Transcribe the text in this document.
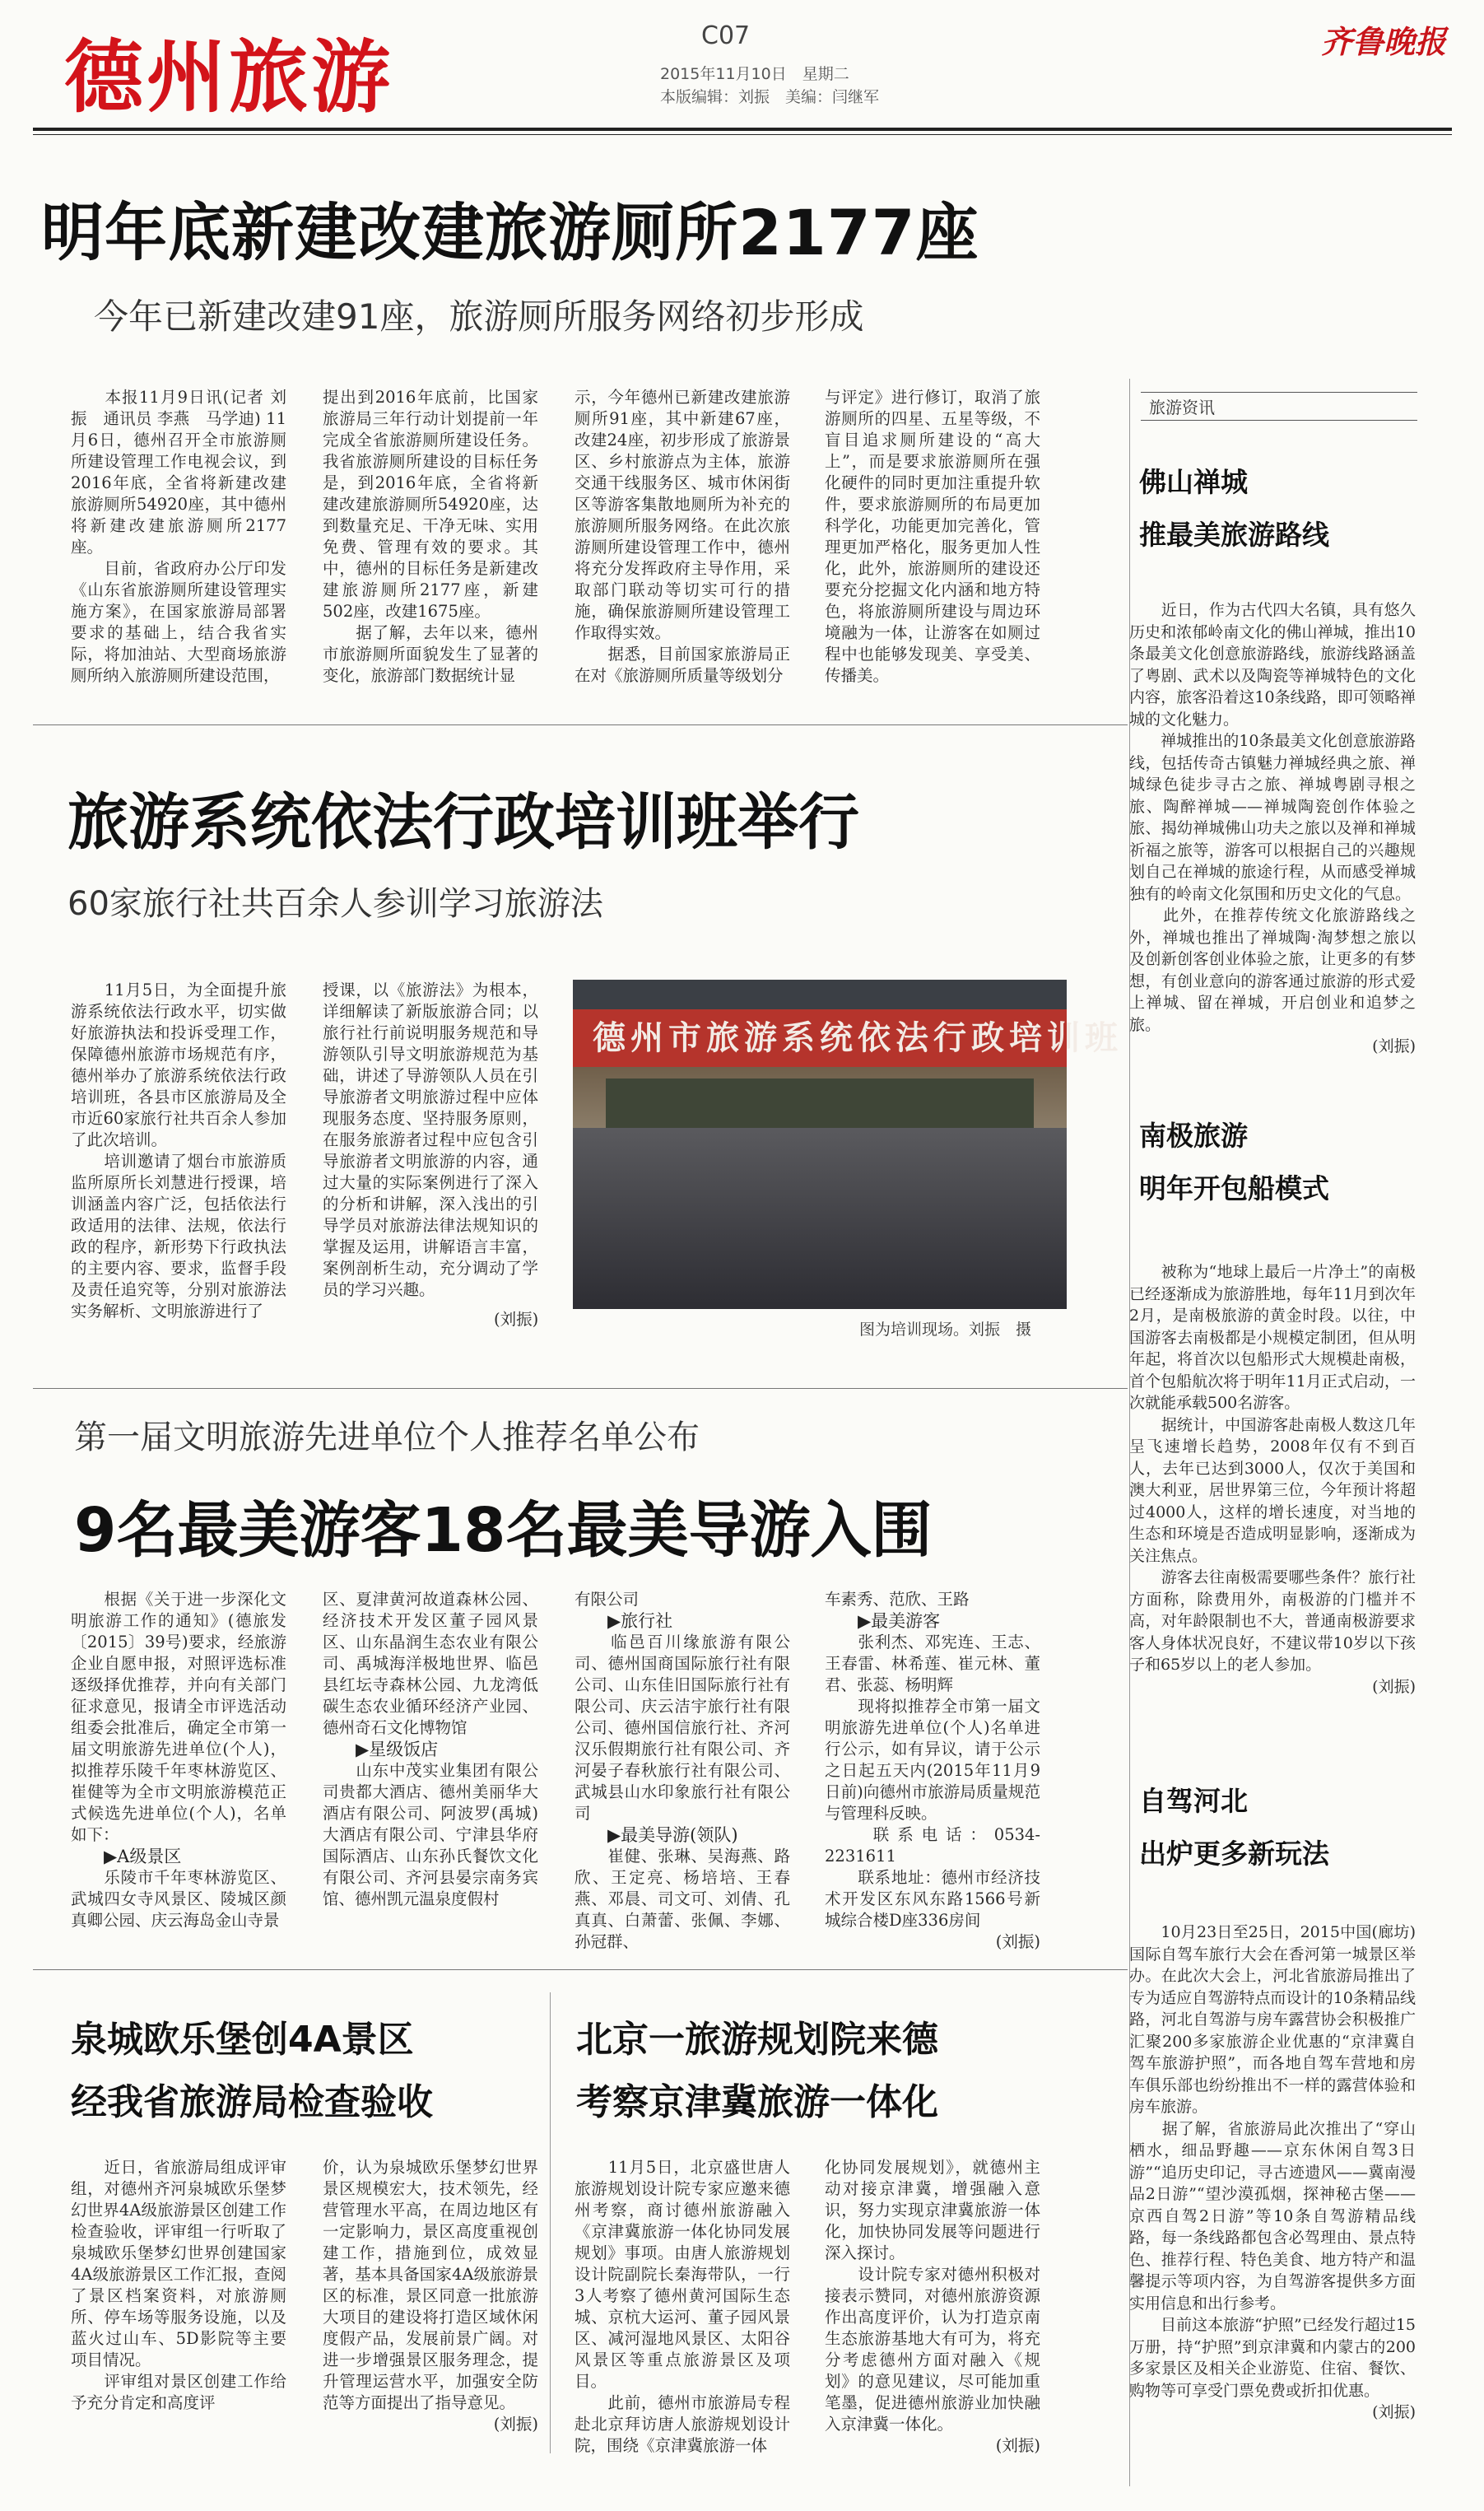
德州旅游	C07
2015年11月10日　星期二
本版编辑：刘振　美编：闫继军
齐鲁晚报
明年底新建改建旅游厕所2177座
今年已新建改建91座，旅游厕所服务网络初步形成
　　本报11月9日讯(记者 刘振　通讯员 李燕　马学迪) 11月6日，德州召开全市旅游厕所建设管理工作电视会议，到2016年底，全省将新建改建旅游厕所54920座，其中德州将新建改建旅游厕所2177座。
　　目前，省政府办公厅印发《山东省旅游厕所建设管理实施方案》，在国家旅游局部署要求的基础上，结合我省实际，将加油站、大型商场旅游厕所纳入旅游厕所建设范围，
提出到2016年底前，比国家旅游局三年行动计划提前一年完成全省旅游厕所建设任务。我省旅游厕所建设的目标任务是，到2016年底，全省将新建改建旅游厕所54920座，达到数量充足、干净无味、实用免费、管理有效的要求。其中，德州的目标任务是新建改建旅游厕所2177座，新建502座，改建1675座。
　　据了解，去年以来，德州市旅游厕所面貌发生了显著的变化，旅游部门数据统计显
示，今年德州已新建改建旅游厕所91座，其中新建67座，改建24座，初步形成了旅游景区、乡村旅游点为主体，旅游交通干线服务区、城市休闲街区等游客集散地厕所为补充的旅游厕所服务网络。在此次旅游厕所建设管理工作中，德州将充分发挥政府主导作用，采取部门联动等切实可行的措施，确保旅游厕所建设管理工作取得实效。
　　据悉，目前国家旅游局正在对《旅游厕所质量等级划分
与评定》进行修订，取消了旅游厕所的四星、五星等级，不盲目追求厕所建设的“高大上”，而是要求旅游厕所在强化硬件的同时更加注重提升软件，要求旅游厕所的布局更加科学化，功能更加完善化，管理更加严格化，服务更加人性化，此外，旅游厕所的建设还要充分挖掘文化内涵和地方特色，将旅游厕所建设与周边环境融为一体，让游客在如厕过程中也能够发现美、享受美、传播美。
旅游系统依法行政培训班举行
60家旅行社共百余人参训学习旅游法
　　11月5日，为全面提升旅游系统依法行政水平，切实做好旅游执法和投诉受理工作，保障德州旅游市场规范有序，德州举办了旅游系统依法行政培训班，各县市区旅游局及全市近60家旅行社共百余人参加了此次培训。
　　培训邀请了烟台市旅游质监所原所长刘慧进行授课，培训涵盖内容广泛，包括依法行政适用的法律、法规，依法行政的程序，新形势下行政执法的主要内容、要求，监督手段及责任追究等，分别对旅游法实务解析、文明旅游进行了
授课，以《旅游法》为根本，详细解读了新版旅游合同；以旅行社行前说明服务规范和导游领队引导文明旅游规范为基础，讲述了导游领队人员在引导旅游者文明旅游过程中应体现服务态度、坚持服务原则，在服务旅游者过程中应包含引导旅游者文明旅游的内容，通过大量的实际案例进行了深入的分析和讲解，深入浅出的引导学员对旅游法律法规知识的掌握及运用，讲解语言丰富，案例剖析生动，充分调动了学员的学习兴趣。
(刘振)
德州市旅游系统依法行政培训班
图为培训现场。刘振　摄
第一届文明旅游先进单位个人推荐名单公布
9名最美游客18名最美导游入围
　　根据《关于进一步深化文明旅游工作的通知》(德旅发〔2015〕39号)要求，经旅游企业自愿申报，对照评选标准逐级择优推荐，并向有关部门征求意见，报请全市评选活动组委会批准后，确定全市第一届文明旅游先进单位(个人)，拟推荐乐陵千年枣林游览区、崔健等为全市文明旅游模范正式候选先进单位(个人)，名单如下：
▶A级景区
　　乐陵市千年枣林游览区、武城四女寺风景区、陵城区颜真卿公园、庆云海岛金山寺景
区、夏津黄河故道森林公园、经济技术开发区董子园风景区、山东晶润生态农业有限公司、禹城海洋极地世界、临邑县红坛寺森林公园、九龙湾低碳生态农业循环经济产业园、德州奇石文化博物馆
▶星级饭店
　　山东中茂实业集团有限公司贵都大酒店、德州美丽华大酒店有限公司、阿波罗(禹城)大酒店有限公司、宁津县华府国际酒店、山东孙氏餐饮文化有限公司、齐河县晏宗南务宾馆、德州凯元温泉度假村
有限公司
▶旅行社
　　临邑百川缘旅游有限公司、德州国商国际旅行社有限公司、山东佳旧国际旅行社有限公司、庆云洁宇旅行社有限公司、德州国信旅行社、齐河汉乐假期旅行社有限公司、齐河晏子春秋旅行社有限公司、武城县山水印象旅行社有限公司
▶最美导游(领队)
　　崔健、张琳、吴海燕、路欣、王定亮、杨培培、王春燕、邓晨、司文可、刘倩、孔真真、白萧蕾、张佩、李娜、孙冠群、
车素秀、范欣、王路
▶最美游客
　　张利杰、邓宪连、王志、王春雷、林希莲、崔元林、董君、张蕊、杨明辉
　　现将拟推荐全市第一届文明旅游先进单位(个人)名单进行公示，如有异议，请于公示之日起五天内(2015年11月9日前)向德州市旅游局质量规范与管理科反映。
　　联系电话：0534-2231611
　　联系地址：德州市经济技术开发区东风东路1566号新城综合楼D座336房间
(刘振)
泉城欧乐堡创4A景区
经我省旅游局检查验收
　　近日，省旅游局组成评审组，对德州齐河泉城欧乐堡梦幻世界4A级旅游景区创建工作检查验收，评审组一行听取了泉城欧乐堡梦幻世界创建国家4A级旅游景区工作汇报，查阅了景区档案资料，对旅游厕所、停车场等服务设施，以及蓝火过山车、5D影院等主要项目情况。
　　评审组对景区创建工作给予充分肯定和高度评
价，认为泉城欧乐堡梦幻世界景区规模宏大，技术领先，经营管理水平高，在周边地区有一定影响力，景区高度重视创建工作，措施到位，成效显著，基本具备国家4A级旅游景区的标准，景区同意一批旅游大项目的建设将打造区域休闲度假产品，发展前景广阔。对进一步增强景区服务理念，提升管理运营水平，加强安全防范等方面提出了指导意见。
(刘振)
北京一旅游规划院来德
考察京津冀旅游一体化
　　11月5日，北京盛世唐人旅游规划设计院专家应邀来德州考察，商讨德州旅游融入《京津冀旅游一体化协同发展规划》事项。由唐人旅游规划设计院副院长秦海带队，一行3人考察了德州黄河国际生态城、京杭大运河、董子园风景区、减河湿地风景区、太阳谷风景区等重点旅游景区及项目。
　　此前，德州市旅游局专程赴北京拜访唐人旅游规划设计院，围绕《京津冀旅游一体
化协同发展规划》，就德州主动对接京津冀，增强融入意识，努力实现京津冀旅游一体化，加快协同发展等问题进行深入探讨。
　　设计院专家对德州积极对接表示赞同，对德州旅游资源作出高度评价，认为打造京南生态旅游基地大有可为，将充分考虑德州方面对融入《规划》的意见建议，尽可能加重笔墨，促进德州旅游业加快融入京津冀一体化。
(刘振)
旅游资讯
佛山禅城
推最美旅游路线
　　近日，作为古代四大名镇，具有悠久历史和浓郁岭南文化的佛山禅城，推出10条最美文化创意旅游路线，旅游线路涵盖了粤剧、武术以及陶瓷等禅城特色的文化内容，旅客沿着这10条线路，即可领略禅城的文化魅力。
　　禅城推出的10条最美文化创意旅游路线，包括传奇古镇魅力禅城经典之旅、禅城绿色徒步寻古之旅、禅城粤剧寻根之旅、陶醉禅城——禅城陶瓷创作体验之旅、揭幼禅城佛山功夫之旅以及禅和禅城祈福之旅等，游客可以根据自己的兴趣规划自己在禅城的旅途行程，从而感受禅城独有的岭南文化氛围和历史文化的气息。
　　此外，在推荐传统文化旅游路线之外，禅城也推出了禅城陶·淘梦想之旅以及创新创客创业体验之旅，让更多的有梦想，有创业意向的游客通过旅游的形式爱上禅城、留在禅城，开启创业和追梦之旅。
(刘振)
南极旅游
明年开包船模式
　　被称为“地球上最后一片净土”的南极已经逐渐成为旅游胜地，每年11月到次年2月，是南极旅游的黄金时段。以往，中国游客去南极都是小规模定制团，但从明年起，将首次以包船形式大规模赴南极，首个包船航次将于明年11月正式启动，一次就能承载500名游客。
　　据统计，中国游客赴南极人数这几年呈飞速增长趋势，2008年仅有不到百人，去年已达到3000人，仅次于美国和澳大利亚，居世界第三位，今年预计将超过4000人，这样的增长速度，对当地的生态和环境是否造成明显影响，逐渐成为关注焦点。
　　游客去往南极需要哪些条件？旅行社方面称，除费用外，南极游的门槛并不高，对年龄限制也不大，普通南极游要求客人身体状况良好，不建议带10岁以下孩子和65岁以上的老人参加。
(刘振)
自驾河北
出炉更多新玩法
　　10月23日至25日，2015中国(廊坊)国际自驾车旅行大会在香河第一城景区举办。在此次大会上，河北省旅游局推出了专为适应自驾游特点而设计的10条精品线路，河北自驾游与房车露营协会积极推广汇聚200多家旅游企业优惠的“京津冀自驾车旅游护照”，而各地自驾车营地和房车俱乐部也纷纷推出不一样的露营体验和房车旅游。
　　据了解，省旅游局此次推出了“穿山栖水，细品野趣——京东休闲自驾3日游”“追历史印记，寻古迹遗风——冀南漫品2日游”“望沙漠孤烟，探神秘古堡——京西自驾2日游”等10条自驾游精品线路，每一条线路都包含必驾理由、景点特色、推荐行程、特色美食、地方特产和温馨提示等项内容，为自驾游客提供多方面实用信息和出行参考。
　　目前这本旅游“护照”已经发行超过15万册，持“护照”到京津冀和内蒙古的200多家景区及相关企业游览、住宿、餐饮、购物等可享受门票免费或折扣优惠。
(刘振)
